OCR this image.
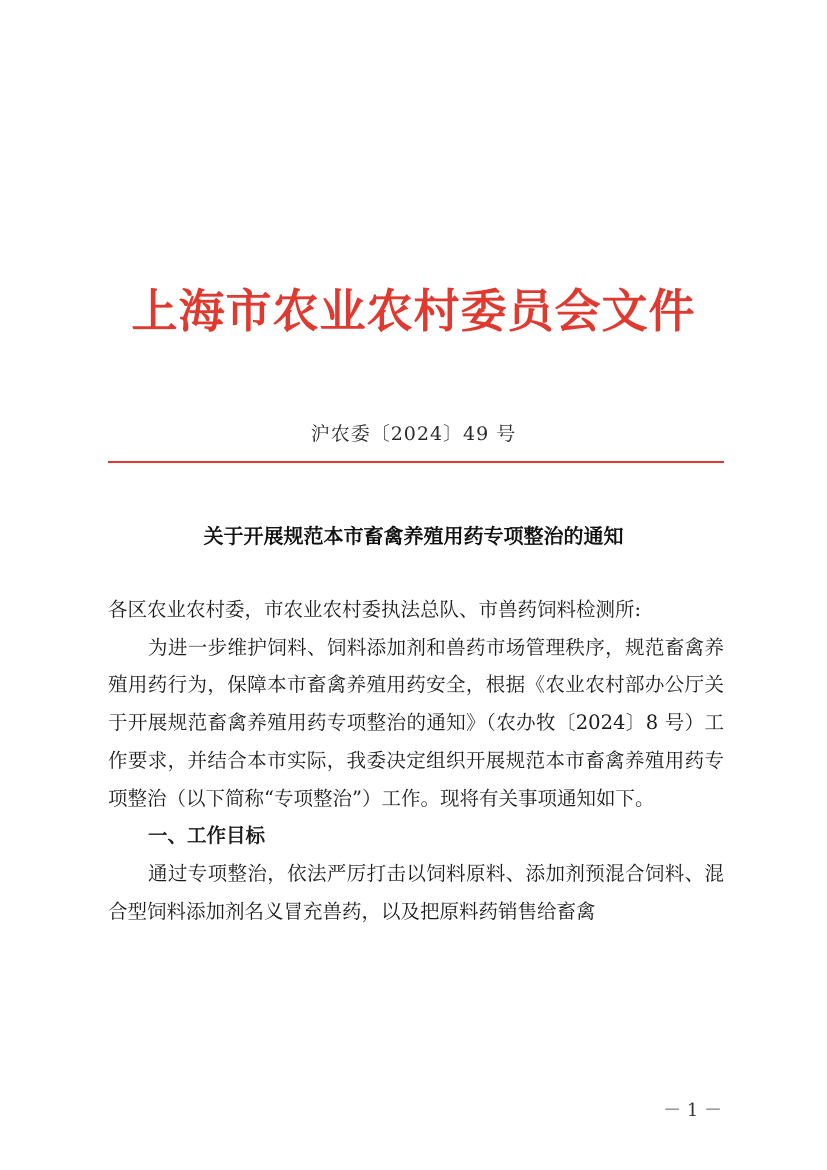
上海市农业农村委员会文件
沪农委〔2024〕49 号
关于开展规范本市畜禽养殖用药专项整治的通知

各区农业农村委，市农业农村委执法总队、市兽药饲料检测所:

为进一步维护饲料、饲料添加剂和兽药市场管理秩序，规范畜禽养殖用药行为，保障本市畜禽养殖用药安全，根据《农业农村部办公厅关于开展规范畜禽养殖用药专项整治的通知》（农办牧〔2024〕8 号）工作要求，并结合本市实际，我委决定组织开展规范本市畜禽养殖用药专项整治（以下简称“专项整治”）工作。现将有关事项通知如下。

一、工作目标

通过专项整治，依法严厉打击以饲料原料、添加剂预混合饲料、混合型饲料添加剂名义冒充兽药，以及把原料药销售给畜禽

－ 1 －
